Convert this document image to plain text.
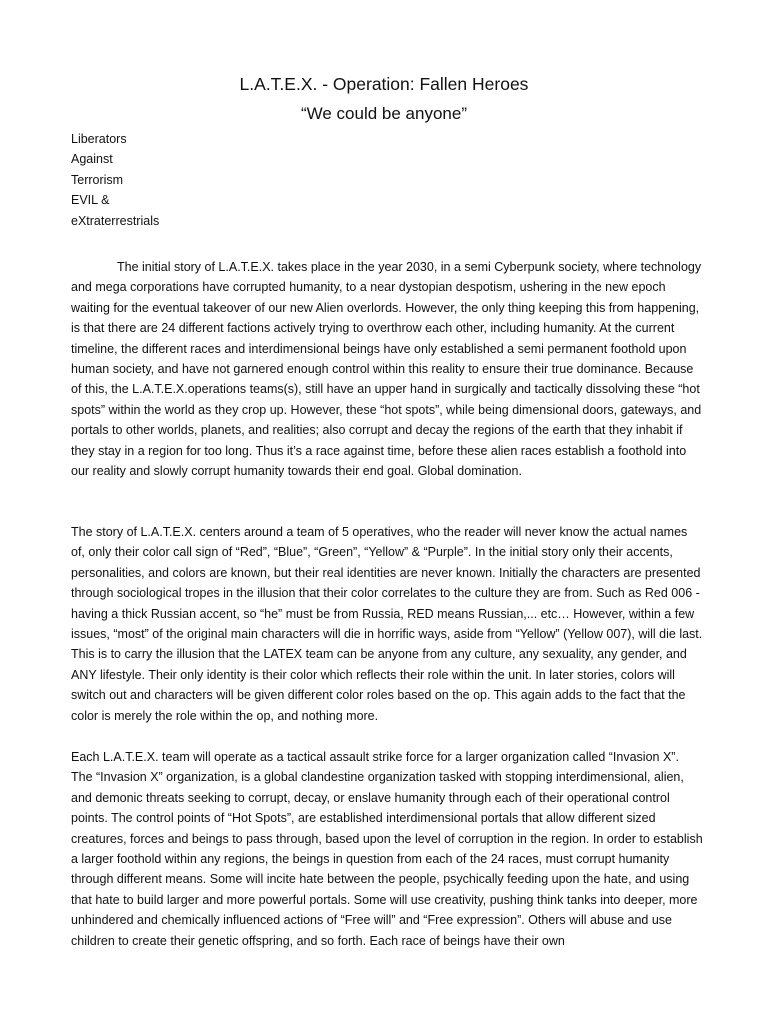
L.A.T.E.X. - Operation: Fallen Heroes
“We could be anyone”
Liberators
Against
Terrorism
EVIL &
eXtraterrestrials

The initial story of L.A.T.E.X. takes place in the year 2030, in a semi Cyberpunk society, where technology and mega corporations have corrupted humanity, to a near dystopian despotism, ushering in the new epoch waiting for the eventual takeover of our new Alien overlords. However, the only thing keeping this from happening, is that there are 24 different factions actively trying to overthrow each other, including humanity. At the current timeline, the different races and interdimensional beings have only established a semi permanent foothold upon human society, and have not garnered enough control within this reality to ensure their true dominance. Because of this, the L.A.T.E.X.operations teams(s), still have an upper hand in surgically and tactically dissolving these “hot spots” within the world as they crop up. However, these “hot spots”, while being dimensional doors, gateways, and portals to other worlds, planets, and realities; also corrupt and decay the regions of the earth that they inhabit if they stay in a region for too long. Thus it’s a race against time, before these alien races establish a foothold into our reality and slowly corrupt humanity towards their end goal. Global domination.

The story of L.A.T.E.X. centers around a team of 5 operatives, who the reader will never know the actual names of, only their color call sign of “Red”, “Blue”, “Green”, “Yellow” & “Purple”. In the initial story only their accents, personalities, and colors are known, but their real identities are never known. Initially the characters are presented through sociological tropes in the illusion that their color correlates to the culture they are from. Such as Red 006 - having a thick Russian accent, so “he” must be from Russia, RED means Russian,... etc… However, within a few issues, “most” of the original main characters will die in horrific ways, aside from “Yellow” (Yellow 007), will die last. This is to carry the illusion that the LATEX team can be anyone from any culture, any sexuality, any gender, and ANY lifestyle. Their only identity is their color which reflects their role within the unit. In later stories, colors will switch out and characters will be given different color roles based on the op. This again adds to the fact that the color is merely the role within the op, and nothing more.

Each L.A.T.E.X. team will operate as a tactical assault strike force for a larger organization called “Invasion X”. The “Invasion X” organization, is a global clandestine organization tasked with stopping interdimensional, alien, and demonic threats seeking to corrupt, decay, or enslave humanity through each of their operational control points. The control points of “Hot Spots”, are established interdimensional portals that allow different sized creatures, forces and beings to pass through, based upon the level of corruption in the region. In order to establish a larger foothold within any regions, the beings in question from each of the 24 races, must corrupt humanity through different means. Some will incite hate between the people, psychically feeding upon the hate, and using that hate to build larger and more powerful portals. Some will use creativity, pushing think tanks into deeper, more unhindered and chemically influenced actions of “Free will” and “Free expression”. Others will abuse and use children to create their genetic offspring, and so forth. Each race of beings have their own
